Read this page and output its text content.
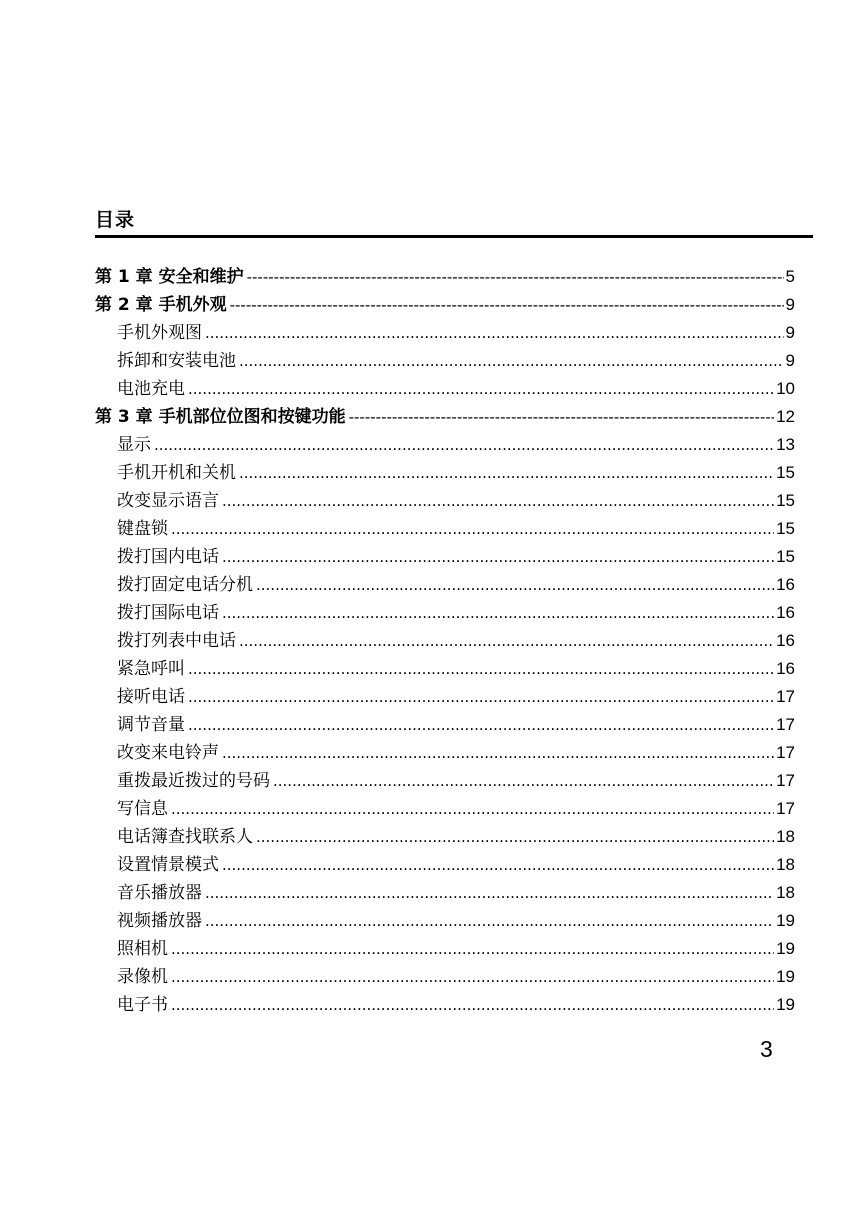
目录
第 1 章 安全和维护 -----	5
第 2 章 手机外观 -----	9
手机外观图 .....	9
拆卸和安装电池 .....	9
电池充电 .....	10
第 3 章 手机部位位图和按键功能 -----	12
显示 .....	13
手机开机和关机 .....	15
改变显示语言 .....	15
键盘锁 .....	15
拨打国内电话 .....	15
拨打固定电话分机 .....	16
拨打国际电话 .....	16
拨打列表中电话 .....	16
紧急呼叫 .....	16
接听电话 .....	17
调节音量 .....	17
改变来电铃声 .....	17
重拨最近拨过的号码 .....	17
写信息 .....	17
电话簿查找联系人 .....	18
设置情景模式 .....	18
音乐播放器 .....	18
视频播放器 .....	19
照相机 .....	19
录像机 .....	19
电子书 .....	19
3
